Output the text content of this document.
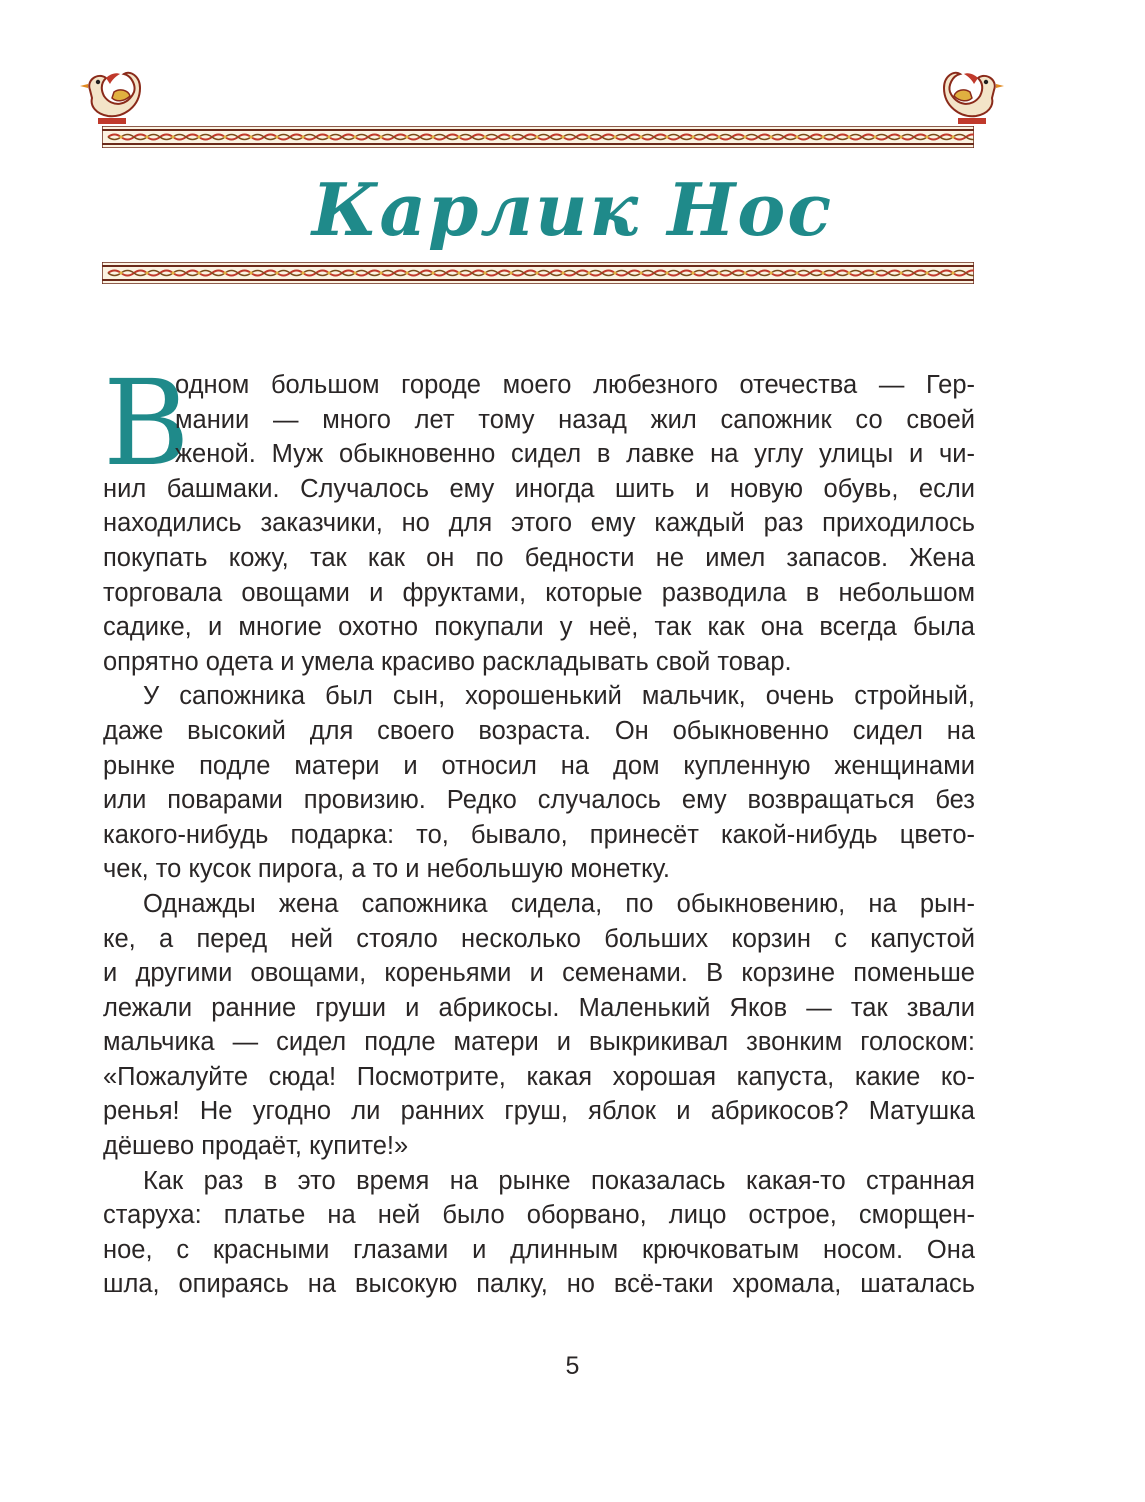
Карлик Нос
В
одном большом городе моего любезного отечества — Гер-
мании — много лет тому назад жил сапожник со своей
женой. Муж обыкновенно сидел в лавке на углу улицы и чи-
нил башмаки. Случалось ему иногда шить и новую обувь, если
находились заказчики, но для этого ему каждый раз приходилось
покупать кожу, так как он по бедности не имел запасов. Жена
торговала овощами и фруктами, которые разводила в небольшом
садике, и многие охотно покупали у неё, так как она всегда была
опрятно одета и умела красиво раскладывать свой товар.
У сапожника был сын, хорошенький мальчик, очень стройный,
даже высокий для своего возраста. Он обыкновенно сидел на
рынке подле матери и относил на дом купленную женщинами
или поварами провизию. Редко случалось ему возвращаться без
какого-нибудь подарка: то, бывало, принесёт какой-нибудь цвето-
чек, то кусок пирога, а то и небольшую монетку.
Однажды жена сапожника сидела, по обыкновению, на рын-
ке, а перед ней стояло несколько больших корзин с капустой
и другими овощами, кореньями и семенами. В корзине поменьше
лежали ранние груши и абрикосы. Маленький Яков — так звали
мальчика — сидел подле матери и выкрикивал звонким голоском:
«Пожалуйте сюда! Посмотрите, какая хорошая капуста, какие ко-
ренья! Не угодно ли ранних груш, яблок и абрикосов? Матушка
дёшево продаёт, купите!»
Как раз в это время на рынке показалась какая-то странная
старуха: платье на ней было оборвано, лицо острое, сморщен-
ное, с красными глазами и длинным крючковатым носом. Она
шла, опираясь на высокую палку, но всё-таки хромала, шаталась
5
